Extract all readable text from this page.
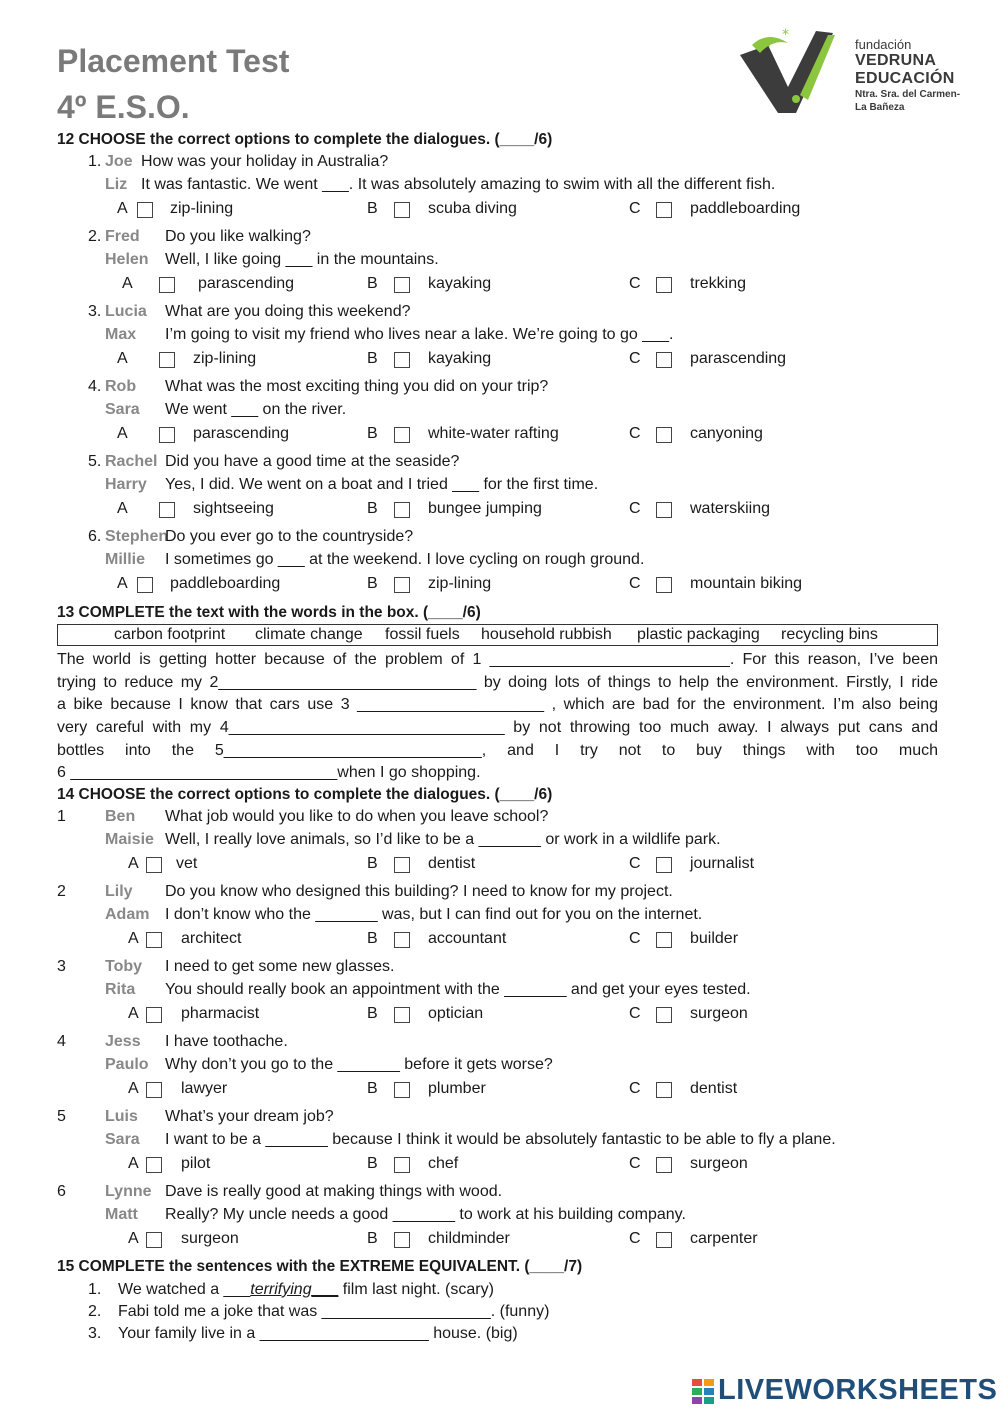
Placement Test
4º E.S.O.
+ *
fundación
VEDRUNA
EDUCACIÓN
Ntra. Sra. del Carmen-
La Bañeza
12 CHOOSE the correct options to complete the dialogues. (____/6)
1. Joe How was your holiday in Australia?
Liz It was fantastic. We went ___. It was absolutely amazing to swim with all the different fish.
A	zip-lining	B	scuba diving	C	paddleboarding
2. Fred Do you like walking?
Helen Well, I like going ___ in the mountains.
A	parascending	B	kayaking	C	trekking
3. Lucia What are you doing this weekend?
Max I’m going to visit my friend who lives near a lake. We’re going to go ___.
A	zip-lining	B	kayaking	C	parascending
4. Rob What was the most exciting thing you did on your trip?
Sara We went ___ on the river.
A	parascending	B	white-water rafting	C	canyoning
5. Rachel Did you have a good time at the seaside?
Harry Yes, I did. We went on a boat and I tried ___ for the first time.
A	sightseeing	B	bungee jumping	C	waterskiing
6. Stephen
Do you ever go to the countryside?
Millie I sometimes go ___ at the weekend. I love cycling on rough ground.
A	paddleboarding	B	zip-lining	C	mountain biking
13 COMPLETE the text with the words in the box. (____/6)
carbon footprint climate change fossil fuels household rubbish plastic packaging recycling bins
The world is getting hotter because of the problem of 1 ___________________________. For this reason, I’ve been
trying to reduce my 2_____________________________ by doing lots of things to help the environment. Firstly, I ride
a bike because I know that cars use 3 _____________________ , which are bad for the environment. I’m also being
very careful with my 4_______________________________ by not throwing too much away. I always put cans and
bottles into the 5_____________________________, and I try not to buy things with too much
6 ______________________________when I go shopping.
14 CHOOSE the correct options to complete the dialogues. (____/6)
1 Ben What job would you like to do when you leave school?
Maisie Well, I really love animals, so I’d like to be a _______ or work in a wildlife park.
A vet	B	dentist	C	journalist
2 Lily Do you know who designed this building? I need to know for my project.
Adam I don’t know who the _______ was, but I can find out for you on the internet.
A	architect	B	accountant	C	builder
3 Toby I need to get some new glasses.
Rita You should really book an appointment with the _______ and get your eyes tested.
A	pharmacist	B	optician	C	surgeon
4 Jess I have toothache.
Paulo Why don’t you go to the _______ before it gets worse?
A	lawyer	B	plumber	C	dentist
5 Luis What’s your dream job?
Sara I want to be a _______ because I think it would be absolutely fantastic to be able to fly a plane.
A	pilot	B	chef	C	surgeon
6 Lynne Dave is really good at making things with wood.
Matt Really? My uncle needs a good _______ to work at his building company.
A	surgeon	B	childminder	C	carpenter
15 COMPLETE the sentences with the EXTREME EQUIVALENT. (____/7)
1. We watched a ___terrifying___ film last night. (scary)
2. Fabi told me a joke that was ___________________. (funny)
3. Your family live in a ___________________ house. (big)
LIVEWORKSHEETS
